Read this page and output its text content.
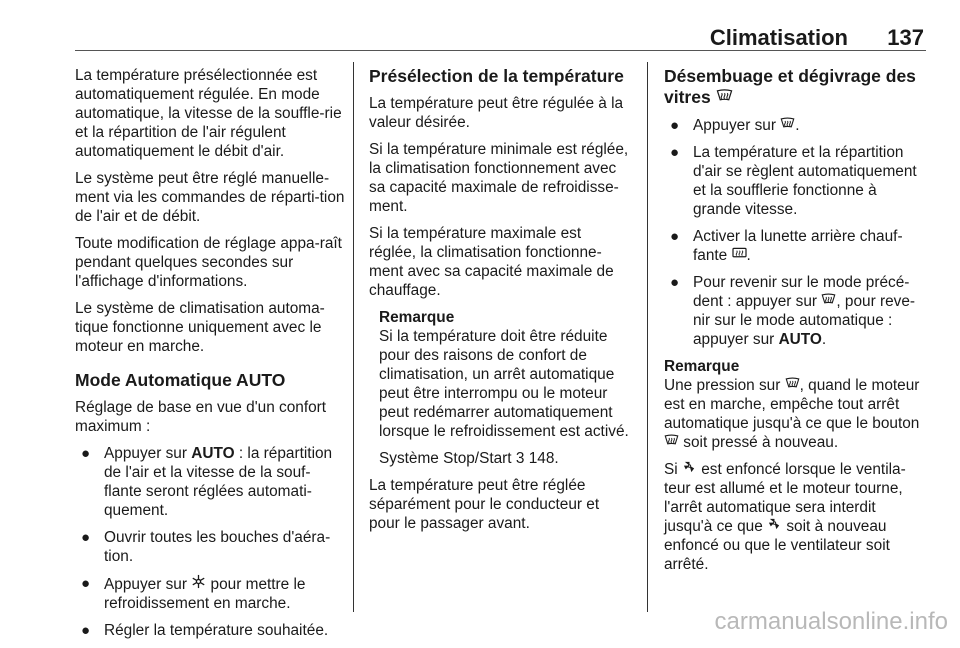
Climatisation 137

La température présélectionnée est automatiquement régulée. En mode automatique, la vitesse de la souffle-rie et la répartition de l'air régulent automatiquement le débit d'air.

Le système peut être réglé manuelle-ment via les commandes de réparti-tion de l'air et de débit.

Toute modification de réglage appa-raît pendant quelques secondes sur l'affichage d'informations.

Le système de climatisation automa-tique fonctionne uniquement avec le moteur en marche.

Mode Automatique AUTO

Réglage de base en vue d'un confort maximum :

● Appuyer sur AUTO : la répartition de l'air et la vitesse de la souf-flante seront réglées automati-quement.
● Ouvrir toutes les bouches d'aéra-tion.
● Appuyer sur  pour mettre le refroidissement en marche.
● Régler la température souhaitée.
Présélection de la température

La température peut être régulée à la valeur désirée.

Si la température minimale est réglée, la climatisation fonctionnement avec sa capacité maximale de refroidisse-ment.

Si la température maximale est réglée, la climatisation fonctionne-ment avec sa capacité maximale de chauffage.

Remarque
Si la température doit être réduite pour des raisons de confort de climatisation, un arrêt automatique peut être interrompu ou le moteur peut redémarrer automatiquement lorsque le refroidissement est activé.
Système Stop/Start 3 148.

La température peut être réglée séparément pour le conducteur et pour le passager avant.

Désembuage et dégivrage des vitres
● Appuyer sur .
● La température et la répartition d'air se règlent automatiquement et la soufflerie fonctionne à grande vitesse.
● Activer la lunette arrière chauf-fante .
● Pour revenir sur le mode précé-dent : appuyer sur , pour reve-nir sur le mode automatique : appuyer sur AUTO.
Remarque
Une pression sur , quand le moteur est en marche, empêche tout arrêt automatique jusqu'à ce que le bouton  soit pressé à nouveau.

Si  est enfoncé lorsque le ventila-teur est allumé et le moteur tourne, l'arrêt automatique sera interdit jusqu'à ce que  soit à nouveau enfoncé ou que le ventilateur soit arrêté.

carmanualsonline.info
